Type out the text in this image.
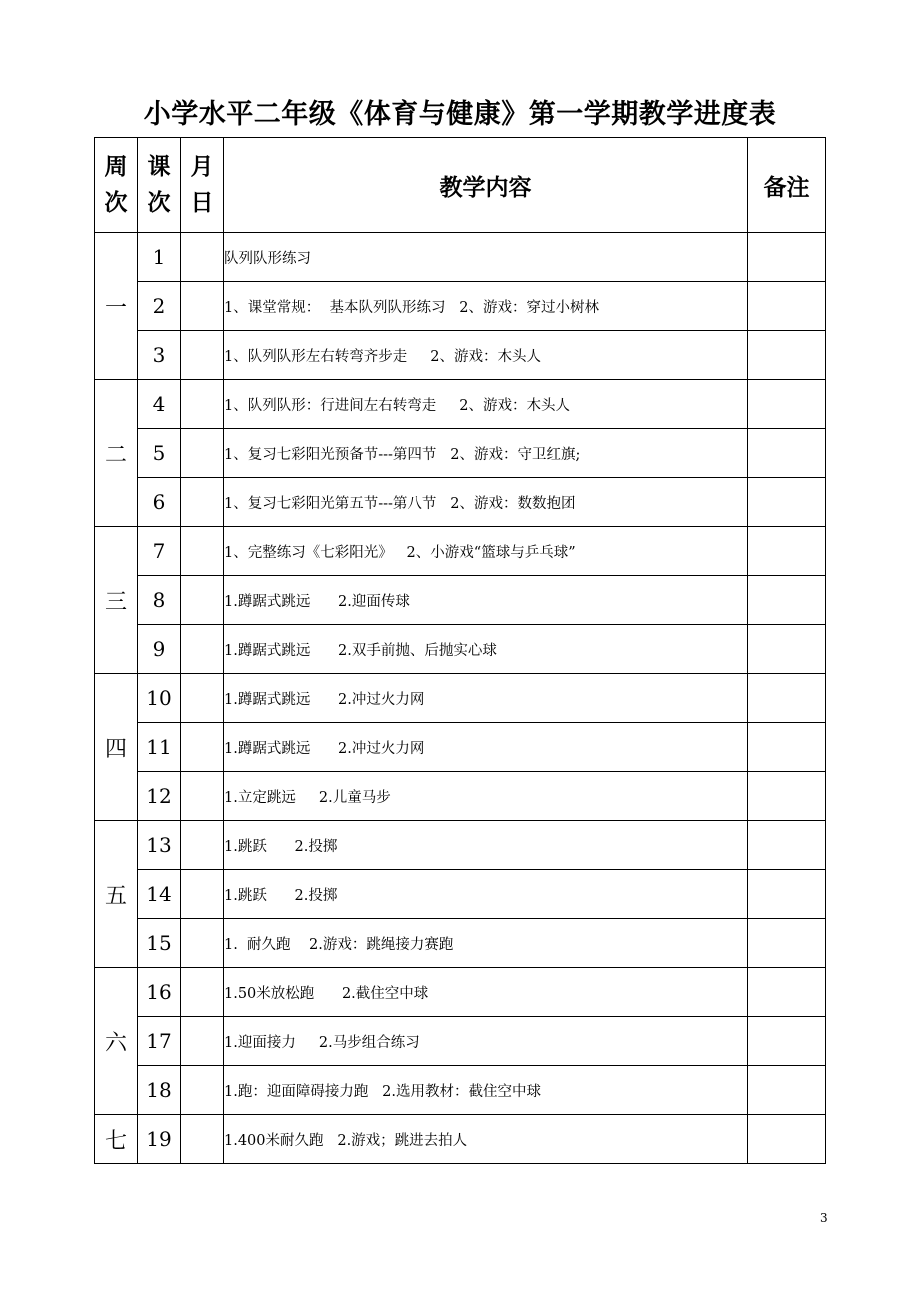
小学水平二年级《体育与健康》第一学期教学进度表
周
次	课
次	月
日	教学内容	备注
一	1		队列队形练习	
	2		1、课堂常规：  基本队列队形练习   2、游戏：穿过小树林	
	3		1、队列队形左右转弯齐步走     2、游戏：木头人	
二	4		1、队列队形：行进间左右转弯走     2、游戏：木头人	
	5		1、复习七彩阳光预备节---第四节   2、游戏：守卫红旗;	
	6		1、复习七彩阳光第五节---第八节   2、游戏：数数抱团	
三	7		1、完整练习《七彩阳光》   2、小游戏“篮球与乒乓球”	
	8		1.蹲踞式跳远      2.迎面传球	
	9		1.蹲踞式跳远      2.双手前抛、后抛实心球	
四	10		1.蹲踞式跳远      2.冲过火力网	
	11		1.蹲踞式跳远      2.冲过火力网	
	12		1.立定跳远     2.儿童马步	
五	13		1.跳跃      2.投掷	
	14		1.跳跃      2.投掷	
	15		1.  耐久跑    2.游戏：跳绳接力赛跑	
六	16		1.50米放松跑      2.截住空中球	
	17		1.迎面接力     2.马步组合练习	
	18		1.跑：迎面障碍接力跑   2.选用教材：截住空中球	
七	19		1.400米耐久跑   2.游戏；跳进去拍人	
3
